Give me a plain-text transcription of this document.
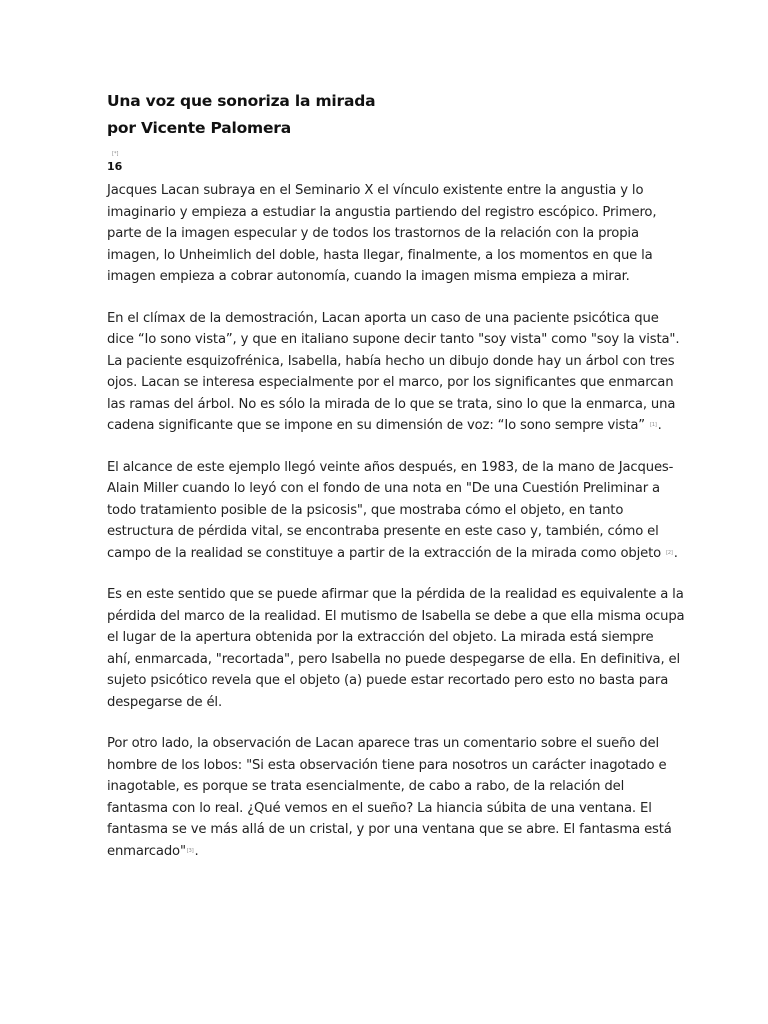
Una voz que sonoriza la mirada
por Vicente Palomera
[*]
16

Jacques Lacan subraya en el Seminario X el vínculo existente entre la angustia y lo
imaginario y empieza a estudiar la angustia partiendo del registro escópico. Primero,
parte de la imagen especular y de todos los trastornos de la relación con la propia
imagen, lo Unheimlich del doble, hasta llegar, finalmente, a los momentos en que la
imagen empieza a cobrar autonomía, cuando la imagen misma empieza a mirar.

En el clímax de la demostración, Lacan aporta un caso de una paciente psicótica que
dice “Io sono vista”, y que en italiano supone decir tanto "soy vista" como "soy la vista".
La paciente esquizofrénica, Isabella, había hecho un dibujo donde hay un árbol con tres
ojos. Lacan se interesa especialmente por el marco, por los significantes que enmarcan
las ramas del árbol. No es sólo la mirada de lo que se trata, sino lo que la enmarca, una
cadena significante que se impone en su dimensión de voz: “Io sono sempre vista” [1].

El alcance de este ejemplo llegó veinte años después, en 1983, de la mano de Jacques-
Alain Miller cuando lo leyó con el fondo de una nota en "De una Cuestión Preliminar a
todo tratamiento posible de la psicosis", que mostraba cómo el objeto, en tanto
estructura de pérdida vital, se encontraba presente en este caso y, también, cómo el
campo de la realidad se constituye a partir de la extracción de la mirada como objeto [2].

Es en este sentido que se puede afirmar que la pérdida de la realidad es equivalente a la
pérdida del marco de la realidad. El mutismo de Isabella se debe a que ella misma ocupa
el lugar de la apertura obtenida por la extracción del objeto. La mirada está siempre
ahí, enmarcada, "recortada", pero Isabella no puede despegarse de ella. En definitiva, el
sujeto psicótico revela que el objeto (a) puede estar recortado pero esto no basta para
despegarse de él.

Por otro lado, la observación de Lacan aparece tras un comentario sobre el sueño del
hombre de los lobos: "Si esta observación tiene para nosotros un carácter inagotado e
inagotable, es porque se trata esencialmente, de cabo a rabo, de la relación del
fantasma con lo real. ¿Qué vemos en el sueño? La hiancia súbita de una ventana. El
fantasma se ve más allá de un cristal, y por una ventana que se abre. El fantasma está
enmarcado"[3].
